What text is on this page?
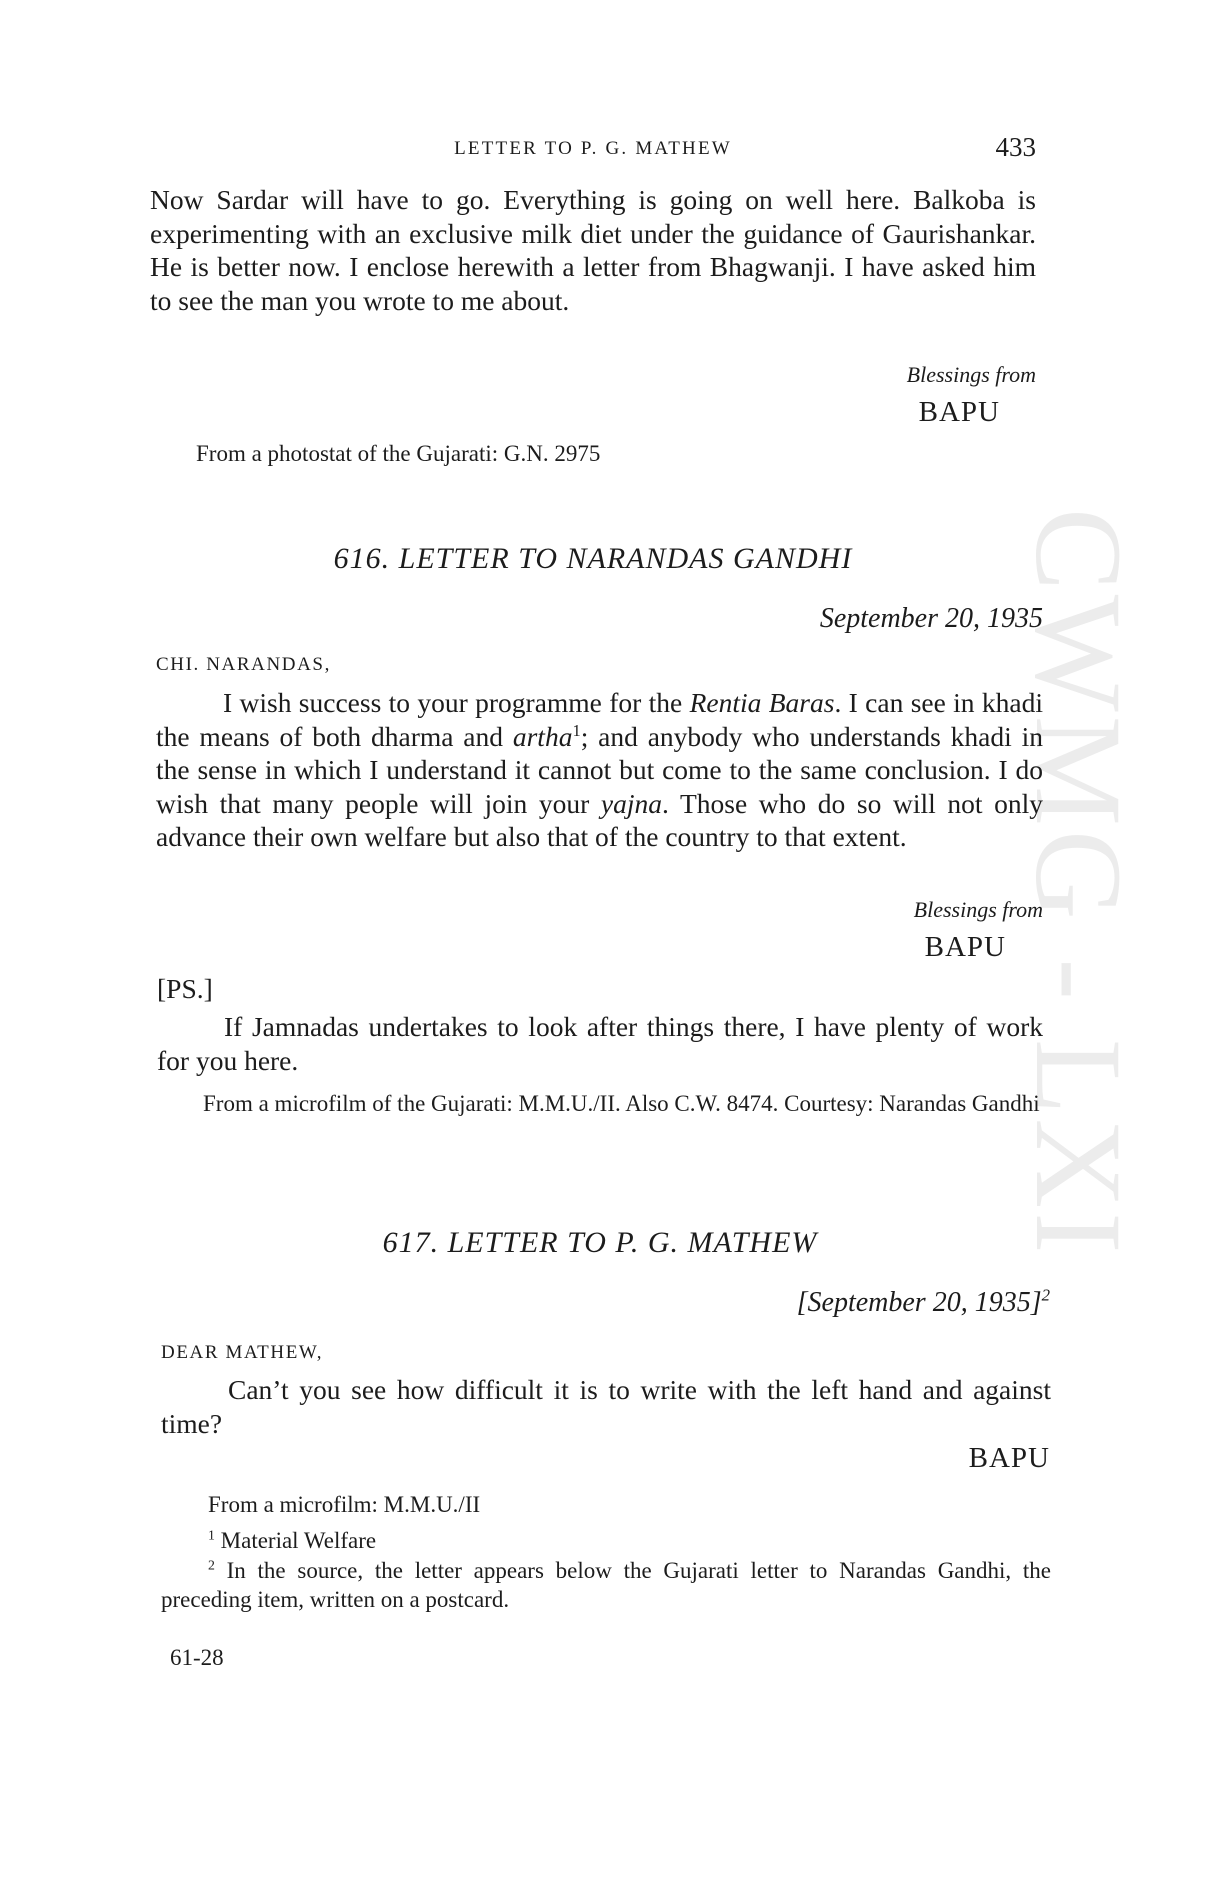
CWMG - LXI
LETTER TO P. G. MATHEW	433
Now Sardar will have to go. Everything is going on well here. Balkoba is experimenting with an exclusive milk diet under the guidance of Gaurishankar. He is better now. I enclose herewith a letter from Bhagwanji. I have asked him to see the man you wrote to me about.
Blessings from
BAPU
From a photostat of the Gujarati: G.N. 2975
616. LETTER TO NARANDAS GANDHI
September 20, 1935
CHI. NARANDAS,
I wish success to your programme for the Rentia Baras. I can see in khadi the means of both dharma and artha$^1$; and anybody who understands khadi in the sense in which I understand it cannot but come to the same conclusion. I do wish that many people will join your yajna. Those who do so will not only advance their own welfare but also that of the country to that extent.
Blessings from
BAPU
[PS.]
If Jamnadas undertakes to look after things there, I have plenty of work for you here.
From a microfilm of the Gujarati: M.M.U./II. Also C.W. 8474. Courtesy: Narandas Gandhi
617. LETTER TO P. G. MATHEW
[September 20, 1935]$^2$
DEAR MATHEW,
Can’t you see how difficult it is to write with the left hand and against time?
BAPU
From a microfilm: M.M.U./II
$^1$ Material Welfare
$^2$ In the source, the letter appears below the Gujarati letter to Narandas Gandhi, the preceding item, written on a postcard.
61-28
